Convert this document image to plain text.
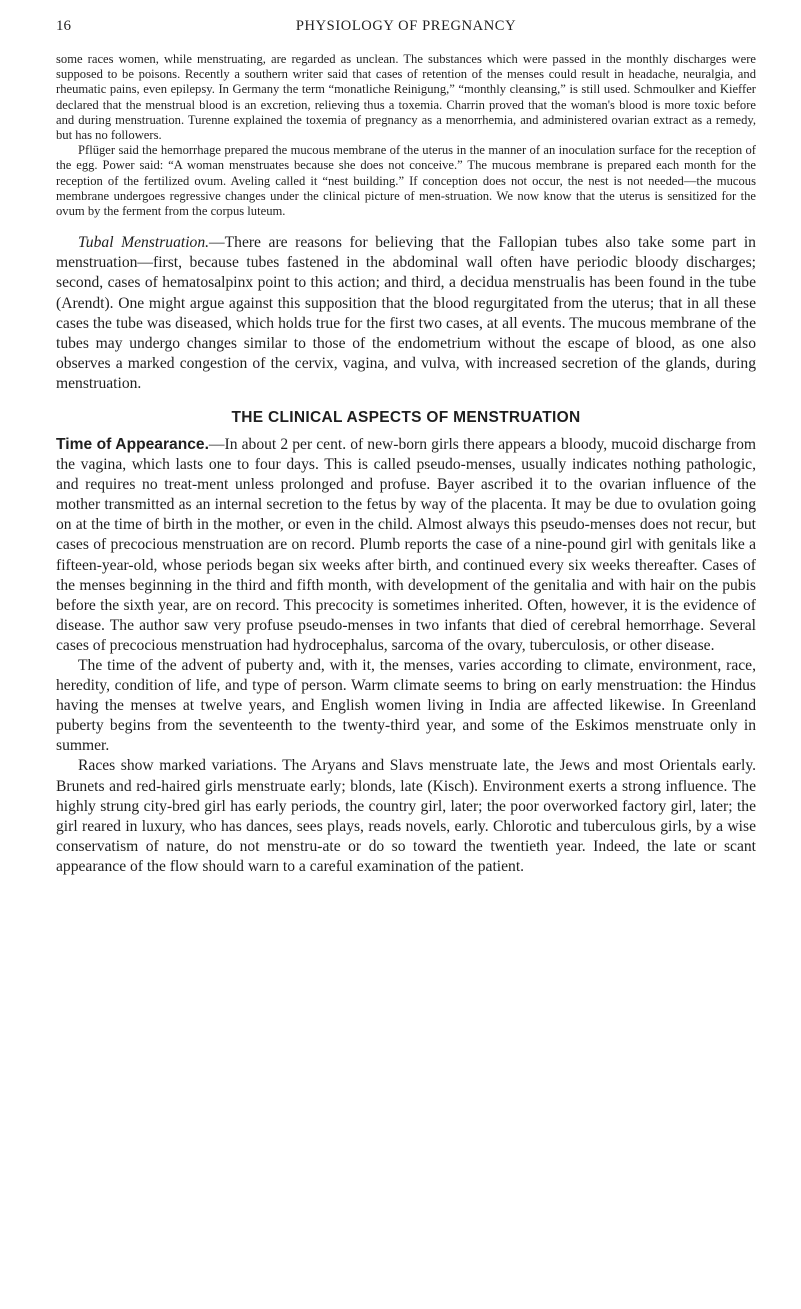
16	PHYSIOLOGY OF PREGNANCY

some races women, while menstruating, are regarded as unclean. The substances which were passed in the monthly discharges were supposed to be poisons. Recently a southern writer said that cases of retention of the menses could result in headache, neuralgia, and rheumatic pains, even epilepsy. In Germany the term “monatliche Reinigung,” “monthly cleansing,” is still used. Schmoulker and Kieffer declared that the menstrual blood is an excretion, relieving thus a toxemia. Charrin proved that the woman's blood is more toxic before and during menstruation. Turenne explained the toxemia of pregnancy as a menorrhemia, and administered ovarian extract as a remedy, but has no followers.

Pflüger said the hemorrhage prepared the mucous membrane of the uterus in the manner of an inoculation surface for the reception of the egg. Power said: “A woman menstruates because she does not conceive.” The mucous membrane is prepared each month for the reception of the fertilized ovum. Aveling called it “nest building.” If conception does not occur, the nest is not needed—the mucous membrane undergoes regressive changes under the clinical picture of men-struation. We now know that the uterus is sensitized for the ovum by the ferment from the corpus luteum.

Tubal Menstruation.—There are reasons for believing that the Fallopian tubes also take some part in menstruation—first, because tubes fastened in the abdominal wall often have periodic bloody discharges; second, cases of hematosalpinx point to this action; and third, a decidua menstrualis has been found in the tube (Arendt). One might argue against this supposition that the blood regurgitated from the uterus; that in all these cases the tube was diseased, which holds true for the first two cases, at all events. The mucous membrane of the tubes may undergo changes similar to those of the endometrium without the escape of blood, as one also observes a marked congestion of the cervix, vagina, and vulva, with increased secretion of the glands, during menstruation.

THE CLINICAL ASPECTS OF MENSTRUATION

Time of Appearance.—In about 2 per cent. of new-born girls there appears a bloody, mucoid discharge from the vagina, which lasts one to four days. This is called pseudo-menses, usually indicates nothing pathologic, and requires no treat-ment unless prolonged and profuse. Bayer ascribed it to the ovarian influence of the mother transmitted as an internal secretion to the fetus by way of the placenta. It may be due to ovulation going on at the time of birth in the mother, or even in the child. Almost always this pseudo-menses does not recur, but cases of precocious menstruation are on record. Plumb reports the case of a nine-pound girl with genitals like a fifteen-year-old, whose periods began six weeks after birth, and continued every six weeks thereafter. Cases of the menses beginning in the third and fifth month, with development of the genitalia and with hair on the pubis before the sixth year, are on record. This precocity is sometimes inherited. Often, however, it is the evidence of disease. The author saw very profuse pseudo-menses in two infants that died of cerebral hemorrhage. Several cases of precocious menstruation had hydrocephalus, sarcoma of the ovary, tuberculosis, or other disease.

The time of the advent of puberty and, with it, the menses, varies according to climate, environment, race, heredity, condition of life, and type of person. Warm climate seems to bring on early menstruation: the Hindus having the menses at twelve years, and English women living in India are affected likewise. In Greenland puberty begins from the seventeenth to the twenty-third year, and some of the Eskimos menstruate only in summer.

Races show marked variations. The Aryans and Slavs menstruate late, the Jews and most Orientals early. Brunets and red-haired girls menstruate early; blonds, late (Kisch). Environment exerts a strong influence. The highly strung city-bred girl has early periods, the country girl, later; the poor overworked factory girl, later; the girl reared in luxury, who has dances, sees plays, reads novels, early. Chlorotic and tuberculous girls, by a wise conservatism of nature, do not menstru-ate or do so toward the twentieth year. Indeed, the late or scant appearance of the flow should warn to a careful examination of the patient.
